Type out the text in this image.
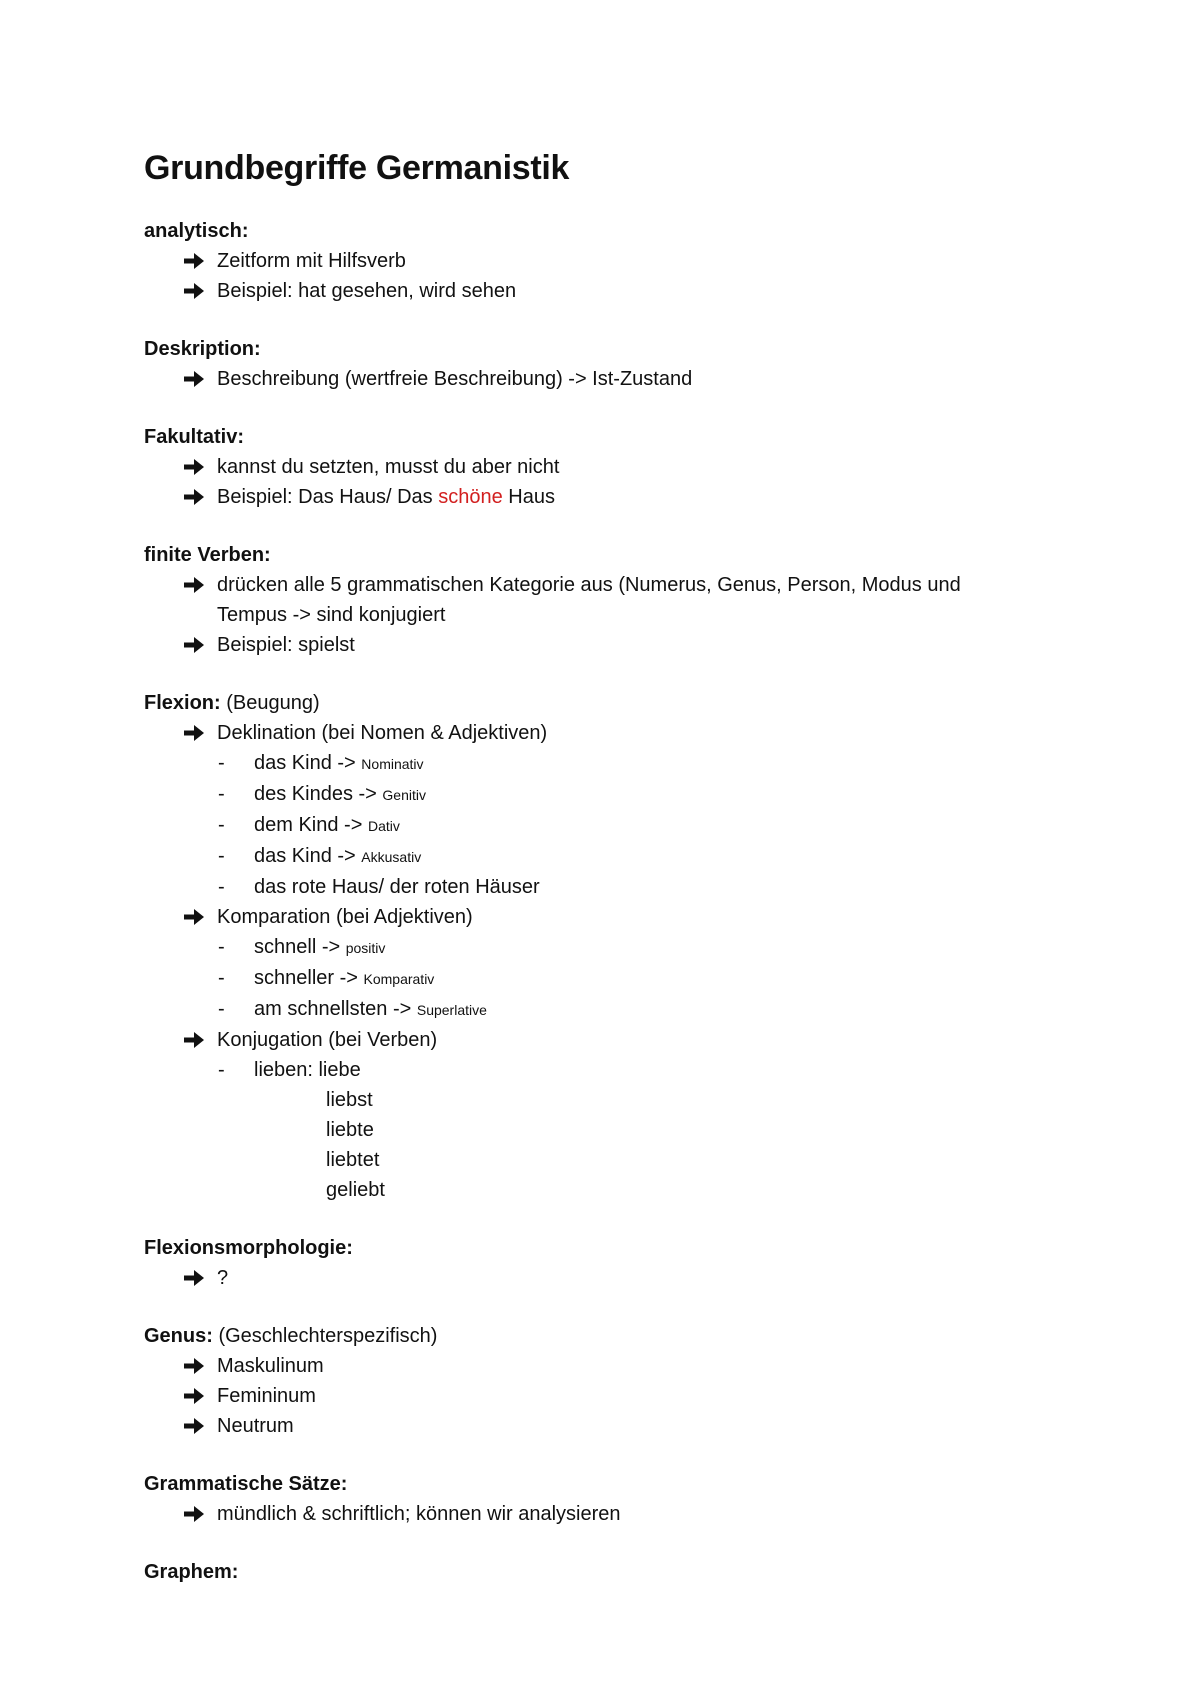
Grundbegriffe Germanistik
analytisch:
Zeitform mit Hilfsverb
Beispiel: hat gesehen, wird sehen
Deskription:
Beschreibung (wertfreie Beschreibung) -> Ist-Zustand
Fakultativ:
kannst du setzten, musst du aber nicht
Beispiel: Das Haus/ Das schöne Haus
finite Verben:
drücken alle 5 grammatischen Kategorie aus (Numerus, Genus, Person, Modus und
Tempus -> sind konjugiert
Beispiel: spielst
Flexion: (Beugung)
Deklination (bei Nomen & Adjektiven)
- das Kind -> Nominativ
- des Kindes -> Genitiv
- dem Kind -> Dativ
- das Kind -> Akkusativ
- das rote Haus/ der roten Häuser
Komparation (bei Adjektiven)
- schnell -> positiv
- schneller -> Komparativ
- am schnellsten -> Superlative
Konjugation (bei Verben)
- lieben: liebe
liebst
liebte
liebtet
geliebt
Flexionsmorphologie:
?
Genus: (Geschlechterspezifisch)
Maskulinum
Femininum
Neutrum
Grammatische Sätze:
mündlich & schriftlich; können wir analysieren
Graphem:
